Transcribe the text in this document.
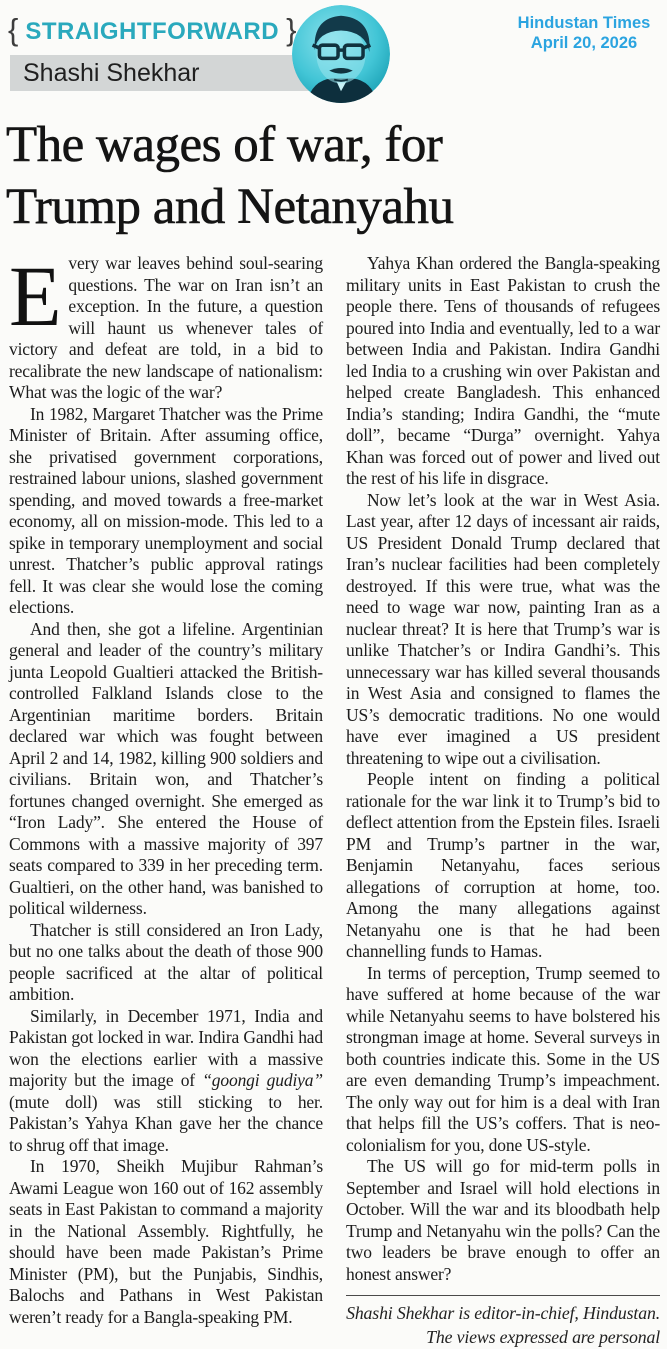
{ STRAIGHTFORWARD }
Shashi Shekhar
Hindustan Times
April 20, 2026
The wages of war, for
Trump and Netanyahu

Every war leaves behind soul-searing questions. The war on Iran isn’t an exception. In the future, a question will haunt us whenever tales of victory and defeat are told, in a bid to recalibrate the new landscape of nationalism: What was the logic of the war?

In 1982, Margaret Thatcher was the Prime Minister of Britain. After assuming office, she privatised government corporations, restrained labour unions, slashed government spending, and moved towards a free-market economy, all on mission-mode. This led to a spike in temporary unemployment and social unrest. Thatcher’s public approval ratings fell. It was clear she would lose the coming elections.

And then, she got a lifeline. Argentinian general and leader of the country’s military junta Leopold Gualtieri attacked the British-controlled Falkland Islands close to the Argentinian maritime borders. Britain declared war which was fought between April 2 and 14, 1982, killing 900 soldiers and civilians. Britain won, and Thatcher’s fortunes changed overnight. She emerged as “Iron Lady”. She entered the House of Commons with a massive majority of 397 seats compared to 339 in her preceding term. Gualtieri, on the other hand, was banished to political wilderness.

Thatcher is still considered an Iron Lady, but no one talks about the death of those 900 people sacrificed at the altar of political ambition.

Similarly, in December 1971, India and Pakistan got locked in war. Indira Gandhi had won the elections earlier with a massive majority but the image of “goongi gudiya” (mute doll) was still sticking to her. Pakistan’s Yahya Khan gave her the chance to shrug off that image.

In 1970, Sheikh Mujibur Rahman’s Awami League won 160 out of 162 assembly seats in East Pakistan to command a majority in the National Assembly. Rightfully, he should have been made Pakistan’s Prime Minister (PM), but the Punjabis, Sindhis, Balochs and Pathans in West Pakistan weren’t ready for a Bangla-speaking PM.

Yahya Khan ordered the Bangla-speaking military units in East Pakistan to crush the people there. Tens of thousands of refugees poured into India and eventually, led to a war between India and Pakistan. Indira Gandhi led India to a crushing win over Pakistan and helped create Bangladesh. This enhanced India’s standing; Indira Gandhi, the “mute doll”, became “Durga” overnight. Yahya Khan was forced out of power and lived out the rest of his life in disgrace.

Now let’s look at the war in West Asia. Last year, after 12 days of incessant air raids, US President Donald Trump declared that Iran’s nuclear facilities had been completely destroyed. If this were true, what was the need to wage war now, painting Iran as a nuclear threat? It is here that Trump’s war is unlike Thatcher’s or Indira Gandhi’s. This unnecessary war has killed several thousands in West Asia and consigned to flames the US’s democratic traditions. No one would have ever imagined a US president threatening to wipe out a civilisation.

People intent on finding a political rationale for the war link it to Trump’s bid to deflect attention from the Epstein files. Israeli PM and Trump’s partner in the war, Benjamin Netanyahu, faces serious allegations of corruption at home, too. Among the many allegations against Netanyahu one is that he had been channelling funds to Hamas.

In terms of perception, Trump seemed to have suffered at home because of the war while Netanyahu seems to have bolstered his strongman image at home. Several surveys in both countries indicate this. Some in the US are even demanding Trump’s impeachment. The only way out for him is a deal with Iran that helps fill the US’s coffers. That is neo-colonialism for you, done US-style.

The US will go for mid-term polls in September and Israel will hold elections in October. Will the war and its bloodbath help Trump and Netanyahu win the polls? Can the two leaders be brave enough to offer an honest answer?

Shashi Shekhar is editor-in-chief, Hindustan. The views expressed are personal
